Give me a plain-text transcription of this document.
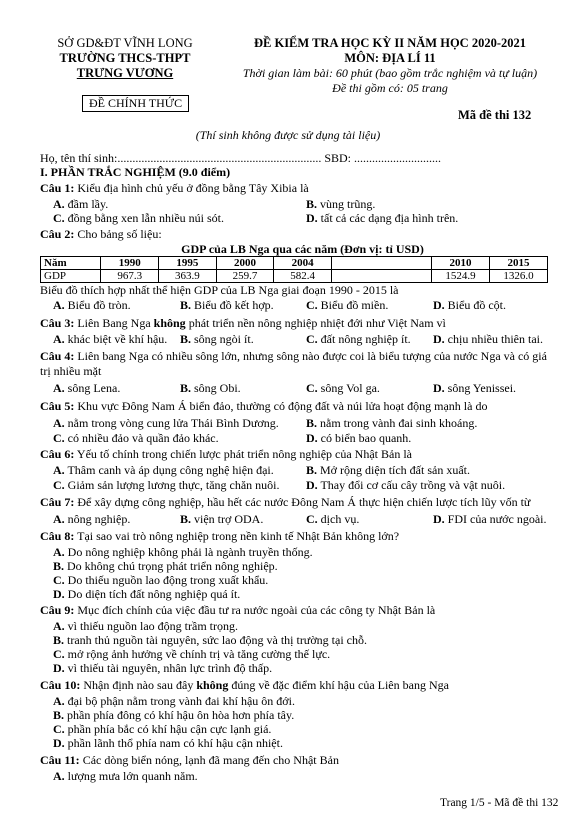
SỞ GD&ĐT VĨNH LONG
TRƯỜNG THCS-THPT
TRƯNG VƯƠNG
ĐỀ CHÍNH THỨC
ĐỀ KIỂM TRA HỌC KỲ II NĂM HỌC 2020-2021
MÔN: ĐỊA LÍ 11
Thời gian làm bài: 60 phút (bao gồm trắc nghiệm và tự luận)
Đề thi gồm có: 05 trang
Mã đề thi 132
(Thí sinh không được sử dụng tài liệu)
Họ, tên thí sinh:.................................................................... SBD: .............................
I. PHẦN TRẮC NGHIỆM (9.0 điểm)
Câu 1: Kiểu địa hình chủ yếu ở đồng bằng Tây Xibia là
A. đầm lầy.	B. vùng trũng.
C. đồng bằng xen lẫn nhiều núi sót.	D. tất cả các dạng địa hình trên.
Câu 2: Cho bảng số liệu:
GDP của LB Nga qua các năm (Đơn vị: tỉ USD)
Năm	1990	1995	2000	2004		2010	2015
GDP	967.3	363.9	259.7	582.4		1524.9	1326.0
Biểu đồ thích hợp nhất thể hiện GDP của LB Nga giai đoạn 1990 - 2015 là
A. Biểu đồ tròn.	B. Biểu đồ kết hợp.	C. Biểu đồ miền.	D. Biểu đồ cột.
Câu 3: Liên Bang Nga không phát triển nền nông nghiệp nhiệt đới như Việt Nam vì
A. khác biệt về khí hậu. B. sông ngòi ít.	C. đất nông nghiệp ít. D. chịu nhiều thiên tai.
Câu 4: Liên bang Nga có nhiều sông lớn, nhưng sông nào được coi là biểu tượng của nước Nga và có giá
trị nhiều mặt
A. sông Lena.	B. sông Obi.	C. sông Vol ga.	D. sông Yenissei.
Câu 5: Khu vực Đông Nam Á biển đảo, thường có động đất và núi lửa hoạt động mạnh là do
A. nằm trong vòng cung lửa Thái Bình Dương. B. nằm trong vành đai sinh khoáng.
C. có nhiều đảo và quần đảo khác.	D. có biển bao quanh.
Câu 6: Yếu tố chính trong chiến lược phát triển nông nghiệp của Nhật Bản là
A. Thâm canh và áp dụng công nghệ hiện đại.	B. Mở rộng diện tích đất sản xuất.
C. Giảm sản lượng lương thực, tăng chăn nuôi. D. Thay đổi cơ cấu cây trồng và vật nuôi.
Câu 7: Để xây dựng công nghiệp, hầu hết các nước Đông Nam Á thực hiện chiến lược tích lũy vốn từ
A. nông nghiệp.	B. viện trợ ODA.	C. dịch vụ.	D. FDI của nước ngoài.
Câu 8: Tại sao vai trò nông nghiệp trong nền kinh tế Nhật Bản không lớn?
A. Do nông nghiệp không phải là ngành truyền thống.
B. Do không chú trọng phát triển nông nghiệp.
C. Do thiếu nguồn lao động trong xuất khẩu.
D. Do diện tích đất nông nghiệp quá ít.
Câu 9: Mục đích chính của việc đầu tư ra nước ngoài của các công ty Nhật Bản là
A. vì thiếu nguồn lao động trầm trọng.
B. tranh thủ nguồn tài nguyên, sức lao động và thị trường tại chỗ.
C. mở rộng ảnh hưởng về chính trị và tăng cường thế lực.
D. vì thiếu tài nguyên, nhân lực trình độ thấp.
Câu 10: Nhận định nào sau đây không đúng về đặc điểm khí hậu của Liên bang Nga
A. đại bộ phận nằm trong vành đai khí hậu ôn đới.
B. phần phía đông có khí hậu ôn hòa hơn phía tây.
C. phần phía bắc có khí hậu cận cực lạnh giá.
D. phần lãnh thổ phía nam có khí hậu cận nhiệt.
Câu 11: Các dòng biển nóng, lạnh đã mang đến cho Nhật Bản
A. lượng mưa lớn quanh năm.
Trang 1/5 - Mã đề thi 132
